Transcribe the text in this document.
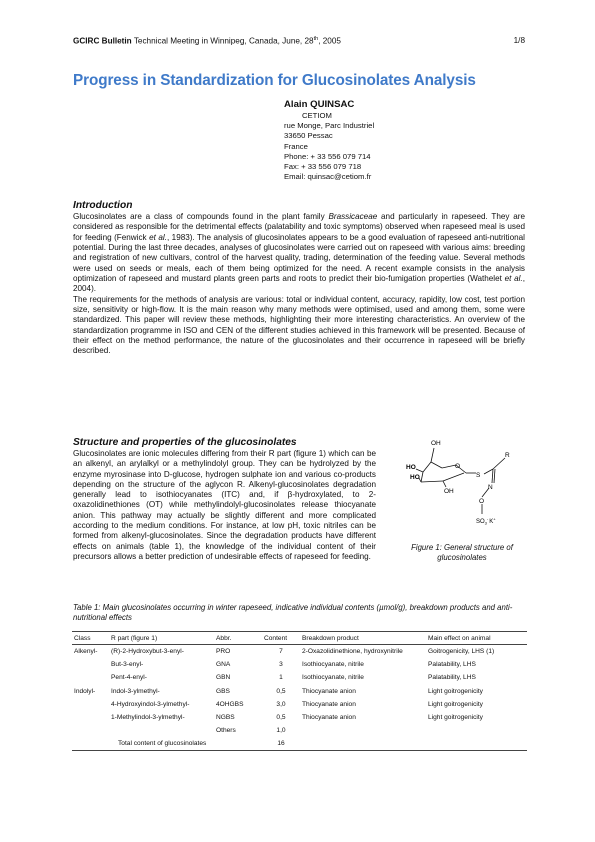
GCIRC Bulletin Technical Meeting in Winnipeg, Canada, June, 28th, 2005	1/8
Progress in Standardization for Glucosinolates Analysis
Alain QUINSAC
CETIOM
rue Monge, Parc Industriel
33650 Pessac
France
Phone: + 33 556 079 714
Fax: + 33 556 079 718
Email: quinsac@cetiom.fr
Introduction

Glucosinolates are a class of compounds found in the plant family Brassicaceae and particularly in rapeseed. They are considered as responsible for the detrimental effects (palatability and toxic symptoms) observed when rapeseed meal is used for feeding (Fenwick et al., 1983). The analysis of glucosinolates appears to be a good evaluation of rapeseed anti-nutritional potential. During the last three decades, analyses of glucosinolates were carried out on rapeseed with various aims: breeding and registration of new cultivars, control of the harvest quality, trading, determination of the feeding value. Several methods were used on seeds or meals, each of them being optimized for the need. A recent example consists in the analysis optimization of rapeseed and mustard plants green parts and roots to predict their bio-fumigation properties (Wathelet et al., 2004).

The requirements for the methods of analysis are various: total or individual content, accuracy, rapidity, low cost, test portion size, sensitivity or high-flow. It is the main reason why many methods were optimised, used and among them, some were standardized. This paper will review these methods, highlighting their more interesting characteristics. An overview of the standardization programme in ISO and CEN of the different studies achieved in this framework will be presented. Because of their effect on the method performance, the nature of the glucosinolates and their occurrence in rapeseed will be briefly described.

Structure and properties of the glucosinolates
Glucosinolates are ionic molecules differing from their R part (figure 1) which can be an alkenyl, an arylalkyl or a methylindolyl group. They can be hydrolyzed by the enzyme myrosinase into D-glucose, hydrogen sulphate ion and various co-products depending on the structure of the aglycon R. Alkenyl-glucosinolates degradation generally lead to isothiocyanates (ITC) and, if β-hydroxylated, to 2-oxazolidinethiones (OT) while methylindolyl-glucosinolates release thiocyanate anion. This pathway may actually be slightly different and more complicated according to the medium conditions. For instance, at low pH, toxic nitriles can be formed from alkenyl-glucosinolates. Since the degradation products have different effects on animals (table 1), the knowledge of the individual content of their precursors allows a better prediction of undesirable effects of rapeseed for feeding.
OH
HO
HO
OH
O
S
R
N
O
$SO_3^-K^+$
Figure 1: General structure of glucosinolates
Table 1: Main glucosinolates occurring in winter rapeseed, indicative individual contents (µmol/g), breakdown products and anti-nutritional effects
Class	R part (figure 1)	Abbr.	Content	Breakdown product	Main effect on animal
Alkenyl-	(R)-2-Hydroxybut-3-enyl-	PRO	7	2-Oxazolidinethione, hydroxynitrile	Goitrogenicity, LHS (1)
	But-3-enyl-	GNA	3	Isothiocyanate, nitrile	Palatability, LHS
	Pent-4-enyl-	GBN	1	Isothiocyanate, nitrile	Palatability, LHS
Indolyl-	Indol-3-ylmethyl-	GBS	0,5	Thiocyanate anion	Light goitrogenicity
	4-Hydroxyindol-3-ylmethyl-	4OHGBS	3,0	Thiocyanate anion	Light goitrogenicity
	1-Methylindol-3-ylmethyl-	NGBS	0,5	Thiocyanate anion	Light goitrogenicity
		Others	1,0		
Total content of glucosinolates			16		
